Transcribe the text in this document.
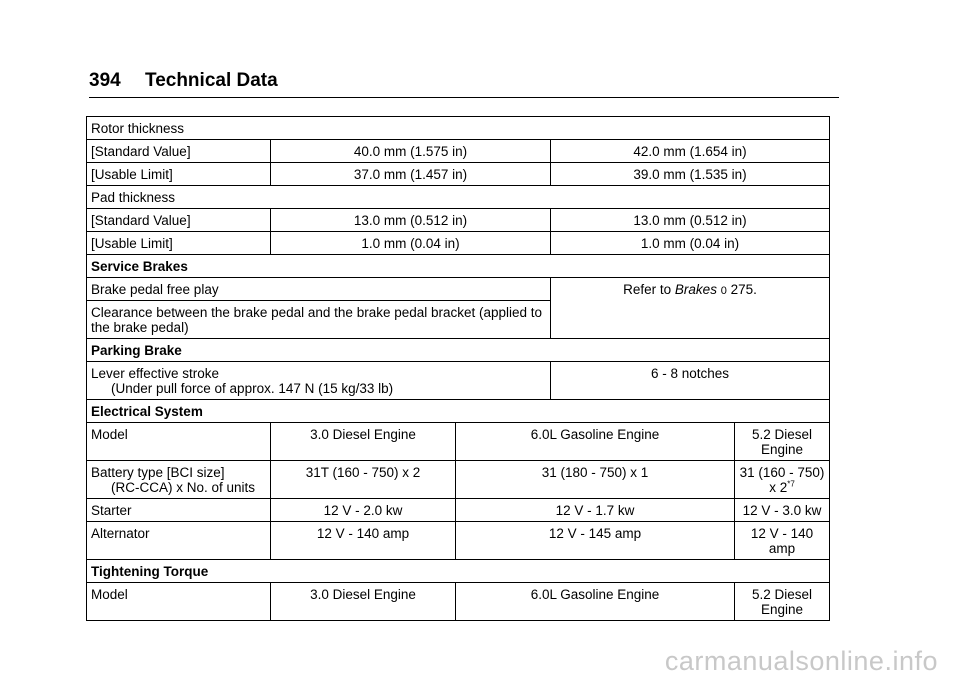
394 Technical Data
Rotor thickness				
[Standard Value]	40.0 mm (1.575 in)		42.0 mm (1.654 in)	
[Usable Limit]	37.0 mm (1.457 in)		39.0 mm (1.535 in)	
Pad thickness				
[Standard Value]	13.0 mm (0.512 in)		13.0 mm (0.512 in)	
[Usable Limit]	1.0 mm (0.04 in)		1.0 mm (0.04 in)	
Service Brakes				
Brake pedal free play			Refer to Brakes 0 275.	
Clearance between the brake pedal and the brake pedal bracket (applied to the brake pedal)				
Parking Brake				
Lever effective stroke
(Under pull force of approx. 147 N (15 kg/33 lb)			6 - 8 notches	
Electrical System				
Model	3.0 Diesel Engine	6.0L Gasoline Engine		5.2 Diesel Engine
Battery type [BCI size]
(RC-CCA) x No. of units	31T (160 - 750) x 2	31 (180 - 750) x 1		31 (160 - 750) x 2$^{*7}$
Starter	12 V - 2.0 kw	12 V - 1.7 kw		12 V - 3.0 kw
Alternator	12 V - 140 amp	12 V - 145 amp		12 V - 140 amp
Tightening Torque				
Model	3.0 Diesel Engine	6.0L Gasoline Engine		5.2 Diesel Engine
carmanualsonline.info
